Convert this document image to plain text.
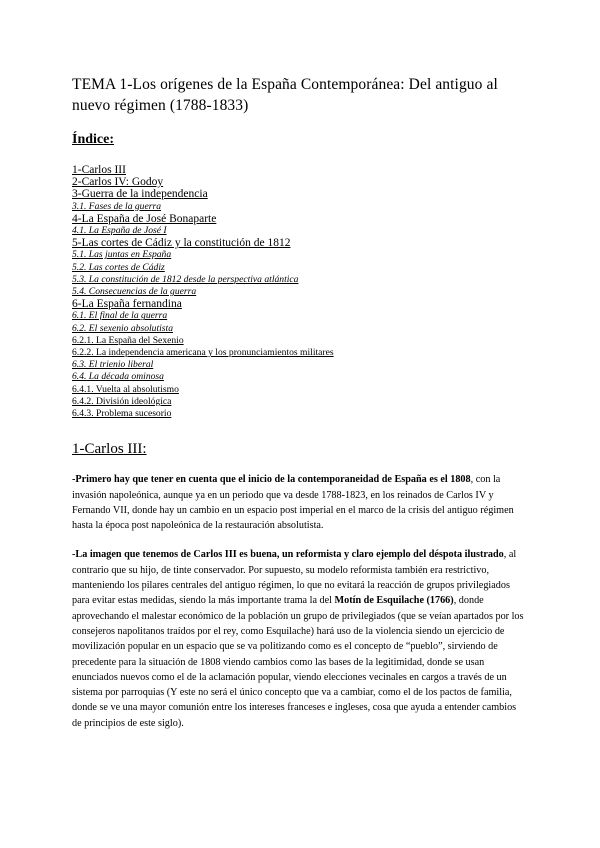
TEMA 1-Los orígenes de la España Contemporánea: Del antiguo al nuevo régimen (1788-1833)
Índice:
1-Carlos III
2-Carlos IV: Godoy
3-Guerra de la independencia
3.1. Fases de la guerra
4-La España de José Bonaparte
4.1. La España de José I
5-Las cortes de Cádiz y la constitución de 1812
5.1. Las juntas en España
5.2. Las cortes de Cádiz
5.3. La constitución de 1812 desde la perspectiva atlántica
5.4. Consecuencias de la guerra
6-La España fernandina
6.1. El final de la guerra
6.2. El sexenio absolutista
6.2.1. La España del Sexenio
6.2.2. La independencia americana y los pronunciamientos militares
6.3. El trienio liberal
6.4. La década ominosa
6.4.1. Vuelta al absolutismo
6.4.2. División ideológica
6.4.3. Problema sucesorio
1-Carlos III:

-Primero hay que tener en cuenta que el inicio de la contemporaneidad de España es el 1808, con la invasión napoleónica, aunque ya en un periodo que va desde 1788-1823, en los reinados de Carlos IV y Fernando VII, donde hay un cambio en un espacio post imperial en el marco de la crisis del antiguo régimen hasta la época post napoleónica de la restauración absolutista.

-La imagen que tenemos de Carlos III es buena, un reformista y claro ejemplo del déspota ilustrado, al contrario que su hijo, de tinte conservador. Por supuesto, su modelo reformista también era restrictivo, manteniendo los pilares centrales del antiguo régimen, lo que no evitará la reacción de grupos privilegiados para evitar estas medidas, siendo la más importante trama la del Motín de Esquilache (1766), donde aprovechando el malestar económico de la población un grupo de privilegiados (que se veían apartados por los consejeros napolitanos traídos por el rey, como Esquilache) hará uso de la violencia siendo un ejercicio de movilización popular en un espacio que se va politizando como es el concepto de “pueblo”, sirviendo de precedente para la situación de 1808 viendo cambios como las bases de la legitimidad, donde se usan enunciados nuevos como el de la aclamación popular, viendo elecciones vecinales en cargos a través de un sistema por parroquias (Y este no será el único concepto que va a cambiar, como el de los pactos de familia, donde se ve una mayor comunión entre los intereses franceses e ingleses, cosa que ayuda a entender cambios de principios de este siglo).
